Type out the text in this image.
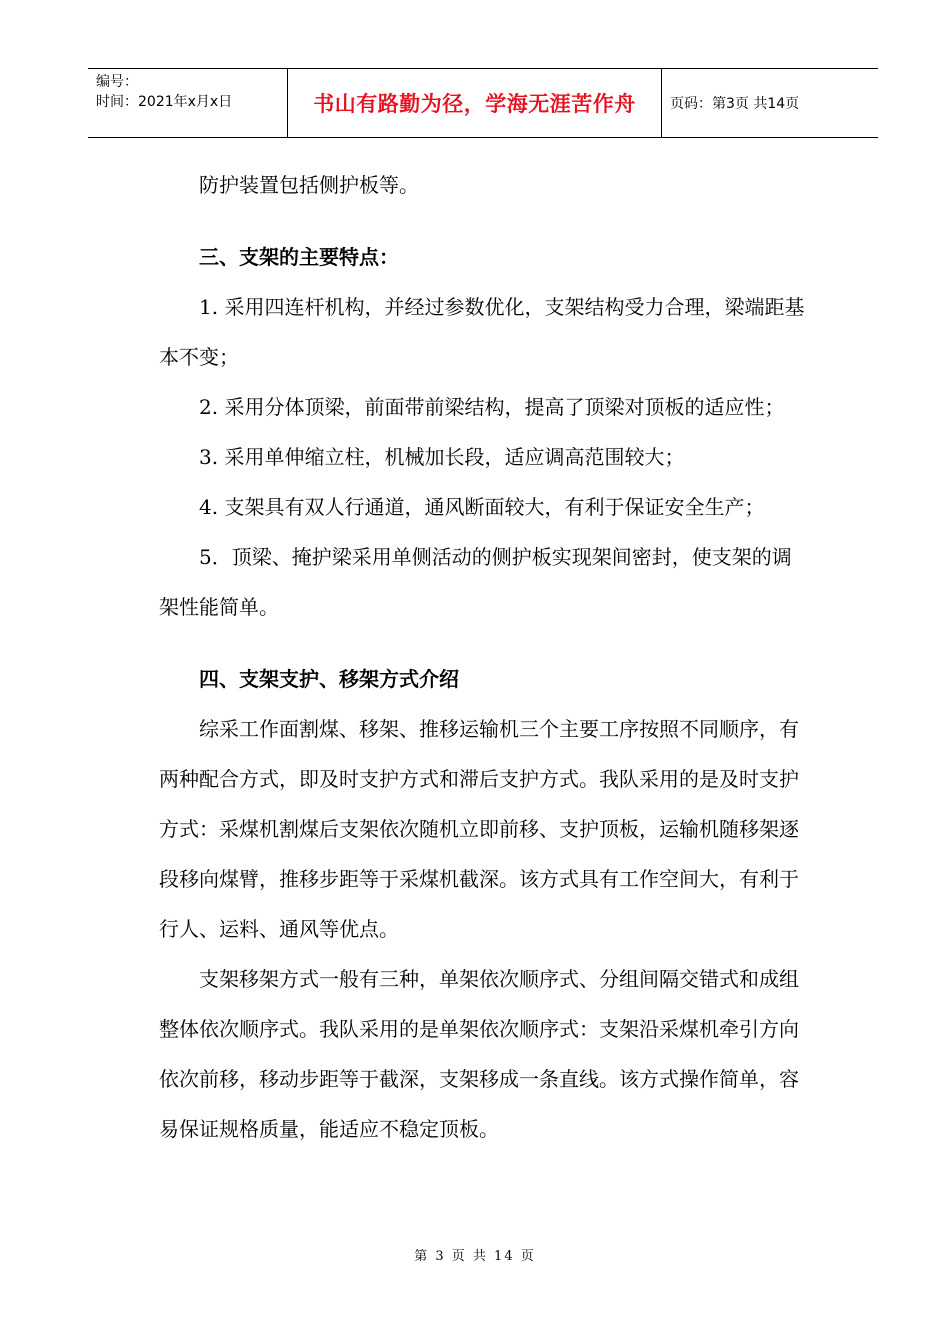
编号：
时间：2021年x月x日	书山有路勤为径，学海无涯苦作舟	页码：第3页 共14页

防护装置包括侧护板等。

三、支架的主要特点：

1. 采用四连杆机构，并经过参数优化，支架结构受力合理，梁端距基本不变；

2. 采用分体顶梁，前面带前梁结构，提高了顶梁对顶板的适应性；

3. 采用单伸缩立柱，机械加长段，适应调高范围较大；

4. 支架具有双人行通道，通风断面较大，有利于保证安全生产；

5．顶梁、掩护梁采用单侧活动的侧护板实现架间密封，使支架的调架性能简单。

四、支架支护、移架方式介绍

综采工作面割煤、移架、推移运输机三个主要工序按照不同顺序，有两种配合方式，即及时支护方式和滞后支护方式。我队采用的是及时支护方式：采煤机割煤后支架依次随机立即前移、支护顶板，运输机随移架逐段移向煤臂，推移步距等于采煤机截深。该方式具有工作空间大，有利于行人、运料、通风等优点。

支架移架方式一般有三种，单架依次顺序式、分组间隔交错式和成组整体依次顺序式。我队采用的是单架依次顺序式：支架沿采煤机牵引方向依次前移，移动步距等于截深，支架移成一条直线。该方式操作简单，容易保证规格质量，能适应不稳定顶板。

第 3 页 共 14 页
